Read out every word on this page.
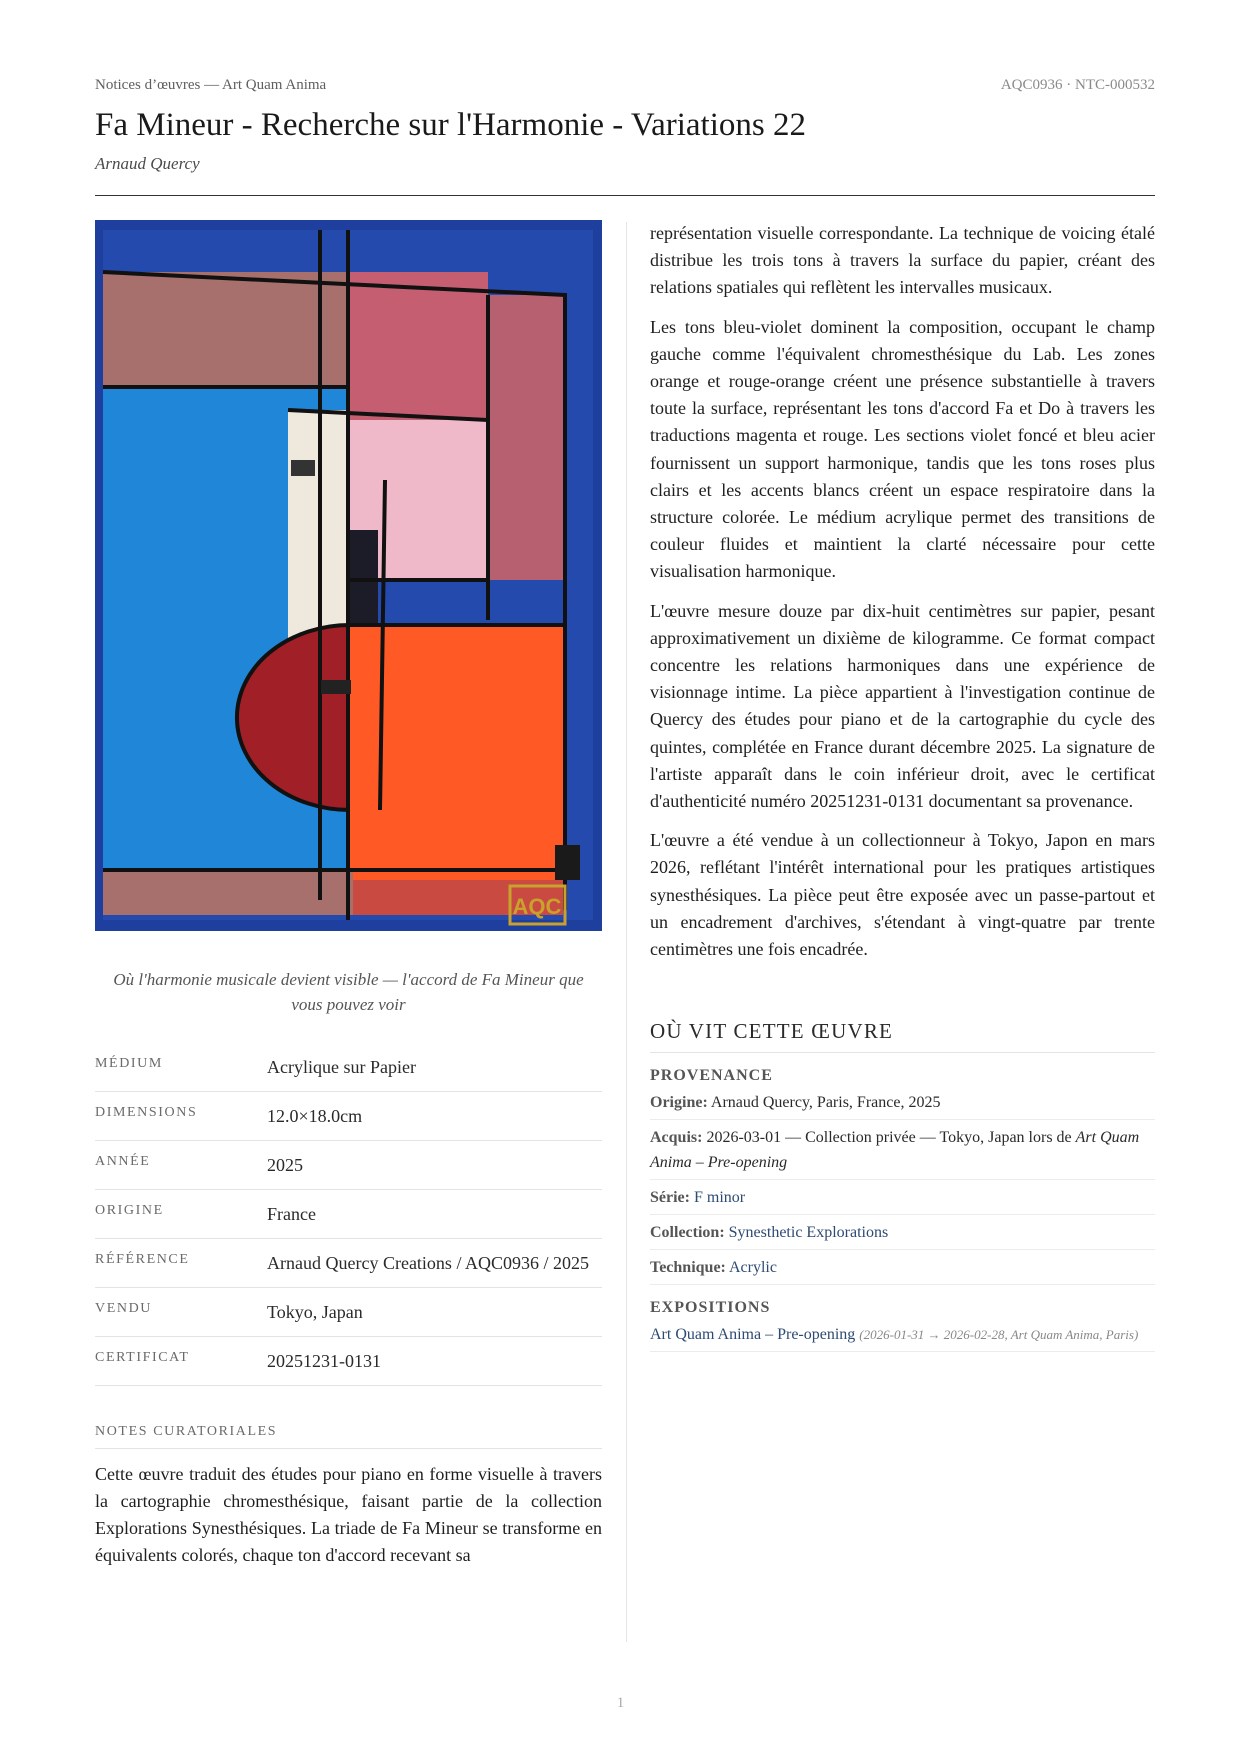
Notices d’œuvres — Art Quam Anima	AQC0936 · NTC-000532
Fa Mineur - Recherche sur l'Harmonie - Variations 22
Arnaud Quercy
AQC
Où l'harmonie musicale devient visible — l'accord de Fa Mineur que vous pouvez voir
MÉDIUM	Acrylique sur Papier
DIMENSIONS	12.0×18.0cm
ANNÉE	2025
ORIGINE	France
RÉFÉRENCE	Arnaud Quercy Creations / AQC0936 / 2025
VENDU	Tokyo, Japan
CERTIFICAT	20251231-0131
NOTES CURATORIALES
Cette œuvre traduit des études pour piano en forme visuelle à travers la cartographie chromesthésique, faisant partie de la collection Explorations Synesthésiques. La triade de Fa Mineur se transforme en équivalents colorés, chaque ton d'accord recevant sa

représentation visuelle correspondante. La technique de voicing étalé distribue les trois tons à travers la surface du papier, créant des relations spatiales qui reflètent les intervalles musicaux.

Les tons bleu-violet dominent la composition, occupant le champ gauche comme l'équivalent chromesthésique du Lab. Les zones orange et rouge-orange créent une présence substantielle à travers toute la surface, représentant les tons d'accord Fa et Do à travers les traductions magenta et rouge. Les sections violet foncé et bleu acier fournissent un support harmonique, tandis que les tons roses plus clairs et les accents blancs créent un espace respiratoire dans la structure colorée. Le médium acrylique permet des transitions de couleur fluides et maintient la clarté nécessaire pour cette visualisation harmonique.

L'œuvre mesure douze par dix-huit centimètres sur papier, pesant approximativement un dixième de kilogramme. Ce format compact concentre les relations harmoniques dans une expérience de visionnage intime. La pièce appartient à l'investigation continue de Quercy des études pour piano et de la cartographie du cycle des quintes, complétée en France durant décembre 2025. La signature de l'artiste apparaît dans le coin inférieur droit, avec le certificat d'authenticité numéro 20251231-0131 documentant sa provenance.

L'œuvre a été vendue à un collectionneur à Tokyo, Japon en mars 2026, reflétant l'intérêt international pour les pratiques artistiques synesthésiques. La pièce peut être exposée avec un passe-partout et un encadrement d'archives, s'étendant à vingt-quatre par trente centimètres une fois encadrée.

OÙ VIT CETTE ŒUVRE
PROVENANCE
Origine: Arnaud Quercy, Paris, France, 2025
Acquis: 2026-03-01 — Collection privée — Tokyo, Japan lors de Art Quam Anima – Pre-opening
Série: F minor
Collection: Synesthetic Explorations
Technique: Acrylic
EXPOSITIONS
Art Quam Anima – Pre-opening (2026-01-31 → 2026-02-28, Art Quam Anima, Paris)
1
